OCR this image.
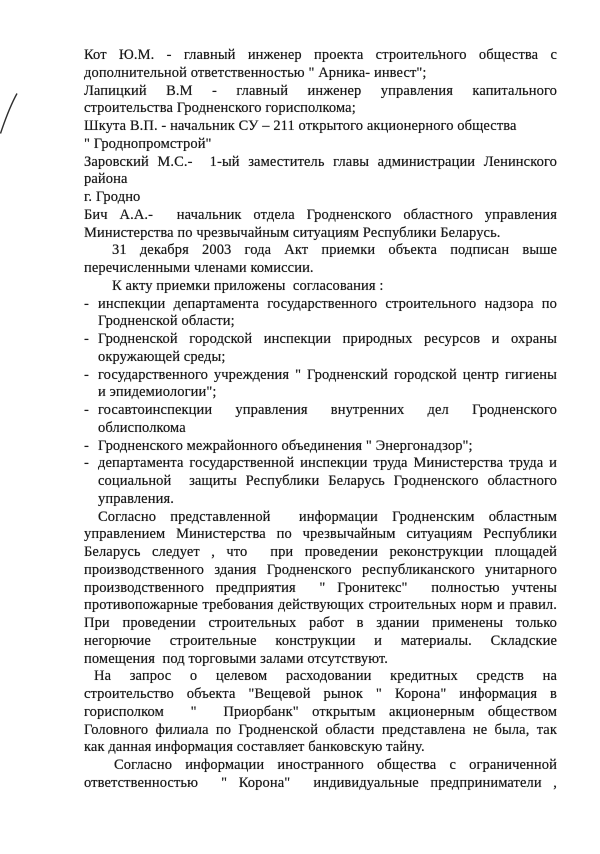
Кот Ю.М. - главный инженер проекта строительного общества с
дополнительной ответственностью " Арника- инвест";
Лапицкий В.М - главный инженер управления капитального
строительства Гродненского горисполкома;
Шкута В.П. - начальник СУ – 211 открытого акционерного общества
" Гроднопромстрой"
Заровский М.С.-  1-ый заместитель главы администрации Ленинского
района
г. Гродно
Бич А.А.-  начальник отдела Гродненского областного управления
Министерства по чрезвычайным ситуациям Республики Беларусь.
31 декабря 2003 года Акт приемки объекта подписан выше
перечисленными членами комиссии.
К акту приемки приложены  согласования :
- инспекции департамента государственного строительного надзора по
Гродненской области;
- Гродненской городской инспекции природных ресурсов и охраны
окружающей среды;
- государственного учреждения " Гродненский городской центр гигиены
и эпидемиологии";
- госавтоинспекции управления внутренних дел Гродненского
облисполкома
- Гродненского межрайонного объединения " Энергонадзор";
- департамента государственной инспекции труда Министерства труда и
социальной  защиты Республики Беларусь Гродненского областного
управления.
Согласно представленной  информации Гродненским областным
управлением Министерства по чрезвычайным ситуациям Республики
Беларусь следует , что  при проведении реконструкции площадей
производственного здания Гродненского республиканского унитарного
производственного предприятия  " Гронитекс"  полностью учтены
противопожарные требования действующих строительных норм и правил.
При проведении строительных работ в здании применены только
негорючие строительные конструкции и материалы. Складские
помещения  под торговыми залами отсутствуют.
На запрос о целевом расходовании кредитных средств на
строительство объекта "Вещевой рынок " Корона" информация в
горисполком  "  Приорбанк" открытым акционерным обществом
Головного филиала по Гродненской области представлена не была, так
как данная информация составляет банковскую тайну.
Согласно информации иностранного общества с ограниченной
ответственностью  " Корона"  индивидуальные предприниматели ,
